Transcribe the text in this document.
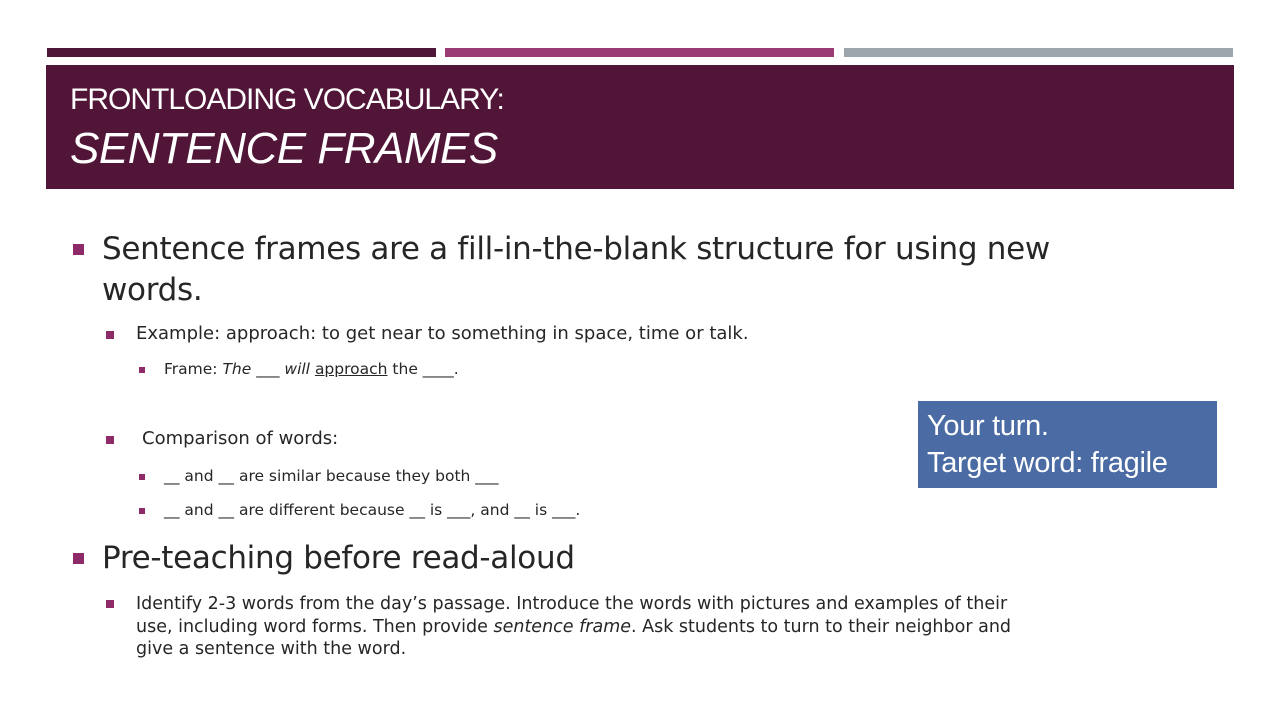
FRONTLOADING VOCABULARY:
SENTENCE FRAMES
Sentence frames are a fill-in-the-blank structure for using new
words.
Example: approach: to get near to something in space, time or talk.
Frame: The ___ will approach the ____.
Comparison of words:
__ and __ are similar because they both ___
__ and __ are different because __ is ___, and __ is ___.
Pre-teaching before read-aloud
Identify 2-3 words from the day’s passage. Introduce the words with pictures and examples of their use, including word forms. Then provide sentence frame. Ask students to turn to their neighbor and give a sentence with the word.
Your turn.
Target word: fragile
